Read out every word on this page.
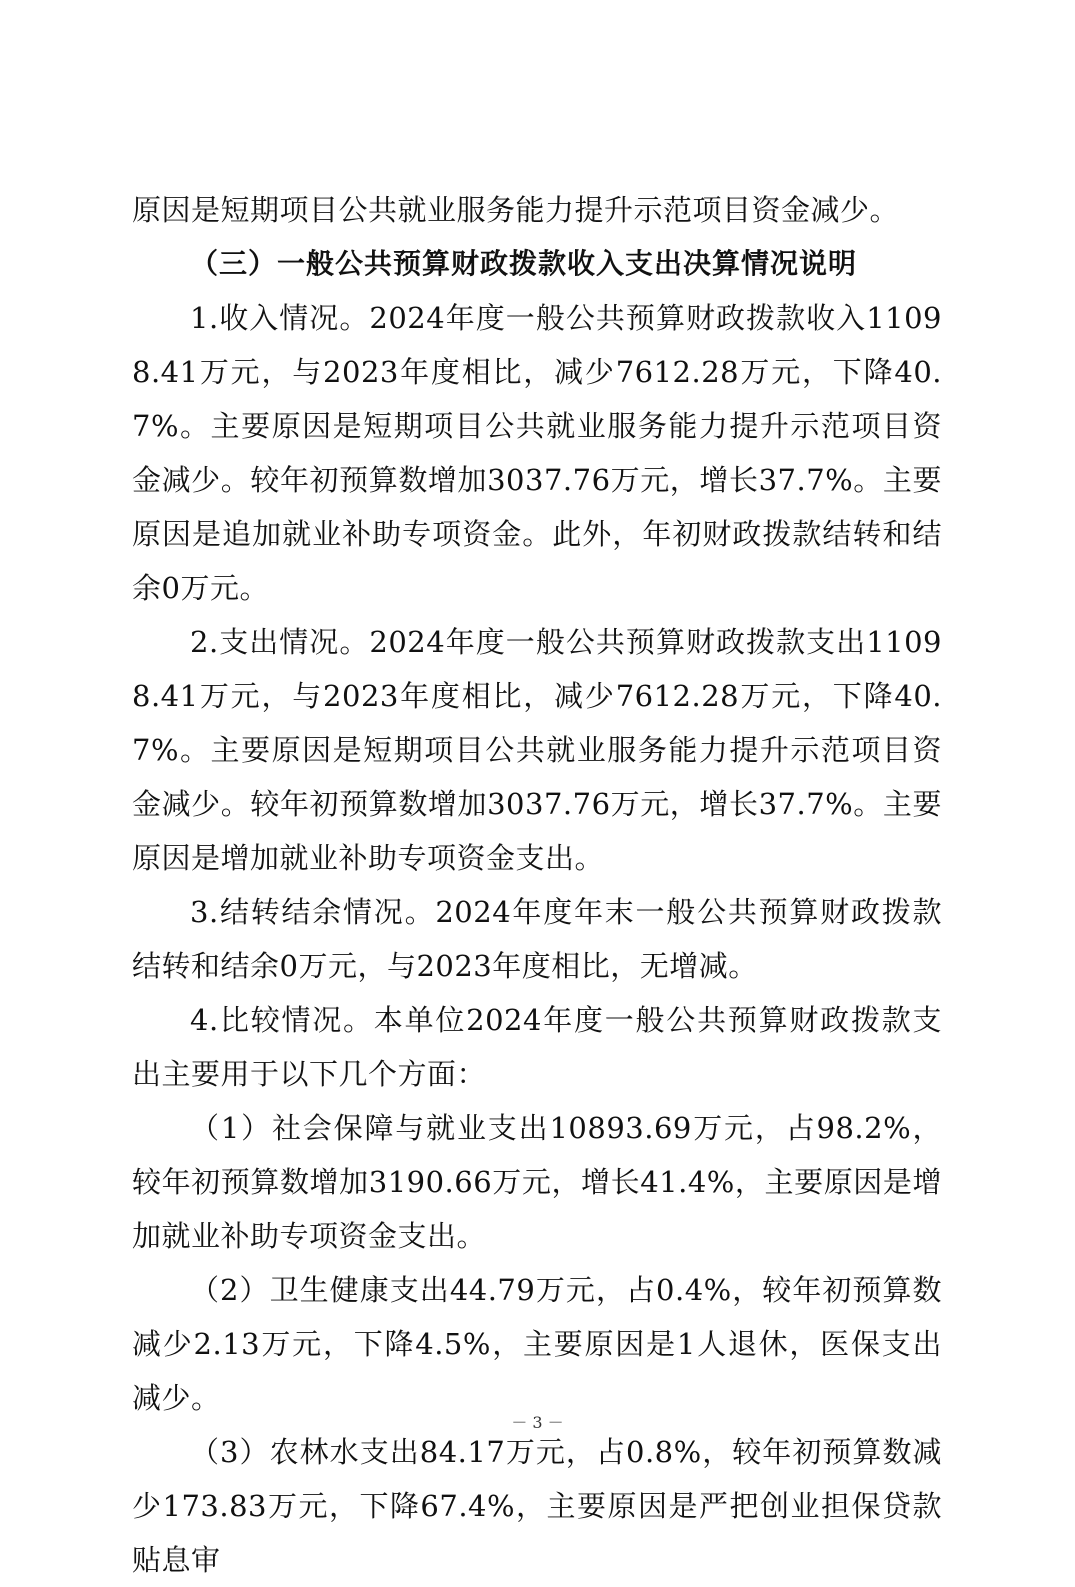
原因是短期项目公共就业服务能力提升示范项目资金减少。

（三）一般公共预算财政拨款收入支出决算情况说明

1.收入情况。2024年度一般公共预算财政拨款收入11098.41万元，与2023年度相比，减少7612.28万元，下降40.7%。主要原因是短期项目公共就业服务能力提升示范项目资金减少。较年初预算数增加3037.76万元，增长37.7%。主要原因是追加就业补助专项资金。此外，年初财政拨款结转和结余0万元。

2.支出情况。2024年度一般公共预算财政拨款支出11098.41万元，与2023年度相比，减少7612.28万元，下降40.7%。主要原因是短期项目公共就业服务能力提升示范项目资金减少。较年初预算数增加3037.76万元，增长37.7%。主要原因是增加就业补助专项资金支出。

3.结转结余情况。2024年度年末一般公共预算财政拨款结转和结余0万元，与2023年度相比，无增减。

4.比较情况。本单位2024年度一般公共预算财政拨款支出主要用于以下几个方面：

（1）社会保障与就业支出10893.69万元，占98.2%，较年初预算数增加3190.66万元，增长41.4%，主要原因是增加就业补助专项资金支出。

（2）卫生健康支出44.79万元，占0.4%，较年初预算数减少2.13万元，下降4.5%，主要原因是1人退休，医保支出减少。

（3）农林水支出84.17万元，占0.8%，较年初预算数减少173.83万元，下降67.4%，主要原因是严把创业担保贷款贴息审

－ 3 －
